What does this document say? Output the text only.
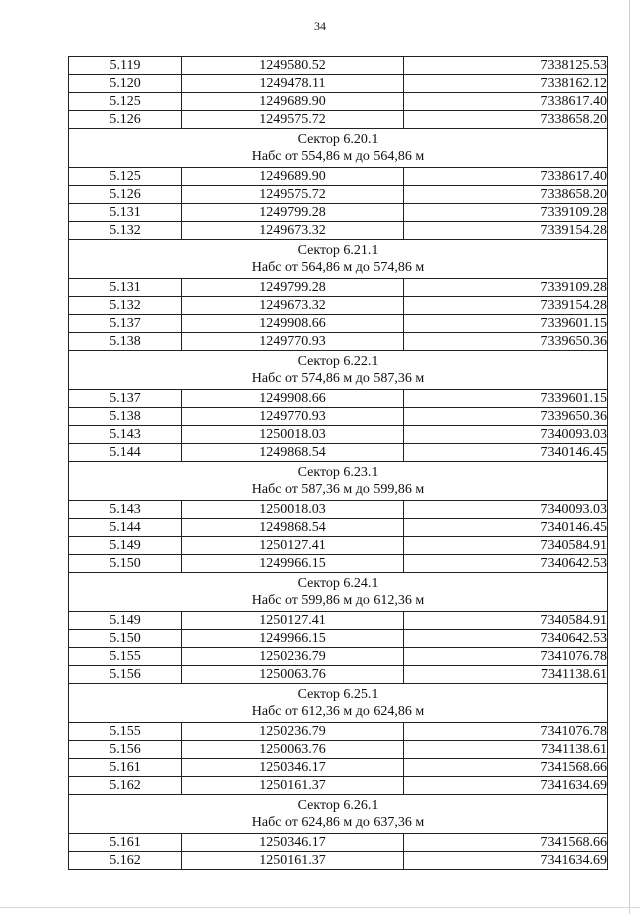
34
5.119	1249580.52	7338125.53
5.120	1249478.11	7338162.12
5.125	1249689.90	7338617.40
5.126	1249575.72	7338658.20

Сектор 6.20.1
Набс от 554,86 м до 564,86 м		

5.125	1249689.90	7338617.40
5.126	1249575.72	7338658.20
5.131	1249799.28	7339109.28
5.132	1249673.32	7339154.28

Сектор 6.21.1
Набс от 564,86 м до 574,86 м		

5.131	1249799.28	7339109.28
5.132	1249673.32	7339154.28
5.137	1249908.66	7339601.15
5.138	1249770.93	7339650.36

Сектор 6.22.1
Набс от 574,86 м до 587,36 м		

5.137	1249908.66	7339601.15
5.138	1249770.93	7339650.36
5.143	1250018.03	7340093.03
5.144	1249868.54	7340146.45

Сектор 6.23.1
Набс от 587,36 м до 599,86 м		

5.143	1250018.03	7340093.03
5.144	1249868.54	7340146.45
5.149	1250127.41	7340584.91
5.150	1249966.15	7340642.53

Сектор 6.24.1
Набс от 599,86 м до 612,36 м		

5.149	1250127.41	7340584.91
5.150	1249966.15	7340642.53
5.155	1250236.79	7341076.78
5.156	1250063.76	7341138.61

Сектор 6.25.1
Набс от 612,36 м до 624,86 м		

5.155	1250236.79	7341076.78
5.156	1250063.76	7341138.61
5.161	1250346.17	7341568.66
5.162	1250161.37	7341634.69

Сектор 6.26.1
Набс от 624,86 м до 637,36 м		

5.161	1250346.17	7341568.66
5.162	1250161.37	7341634.69
